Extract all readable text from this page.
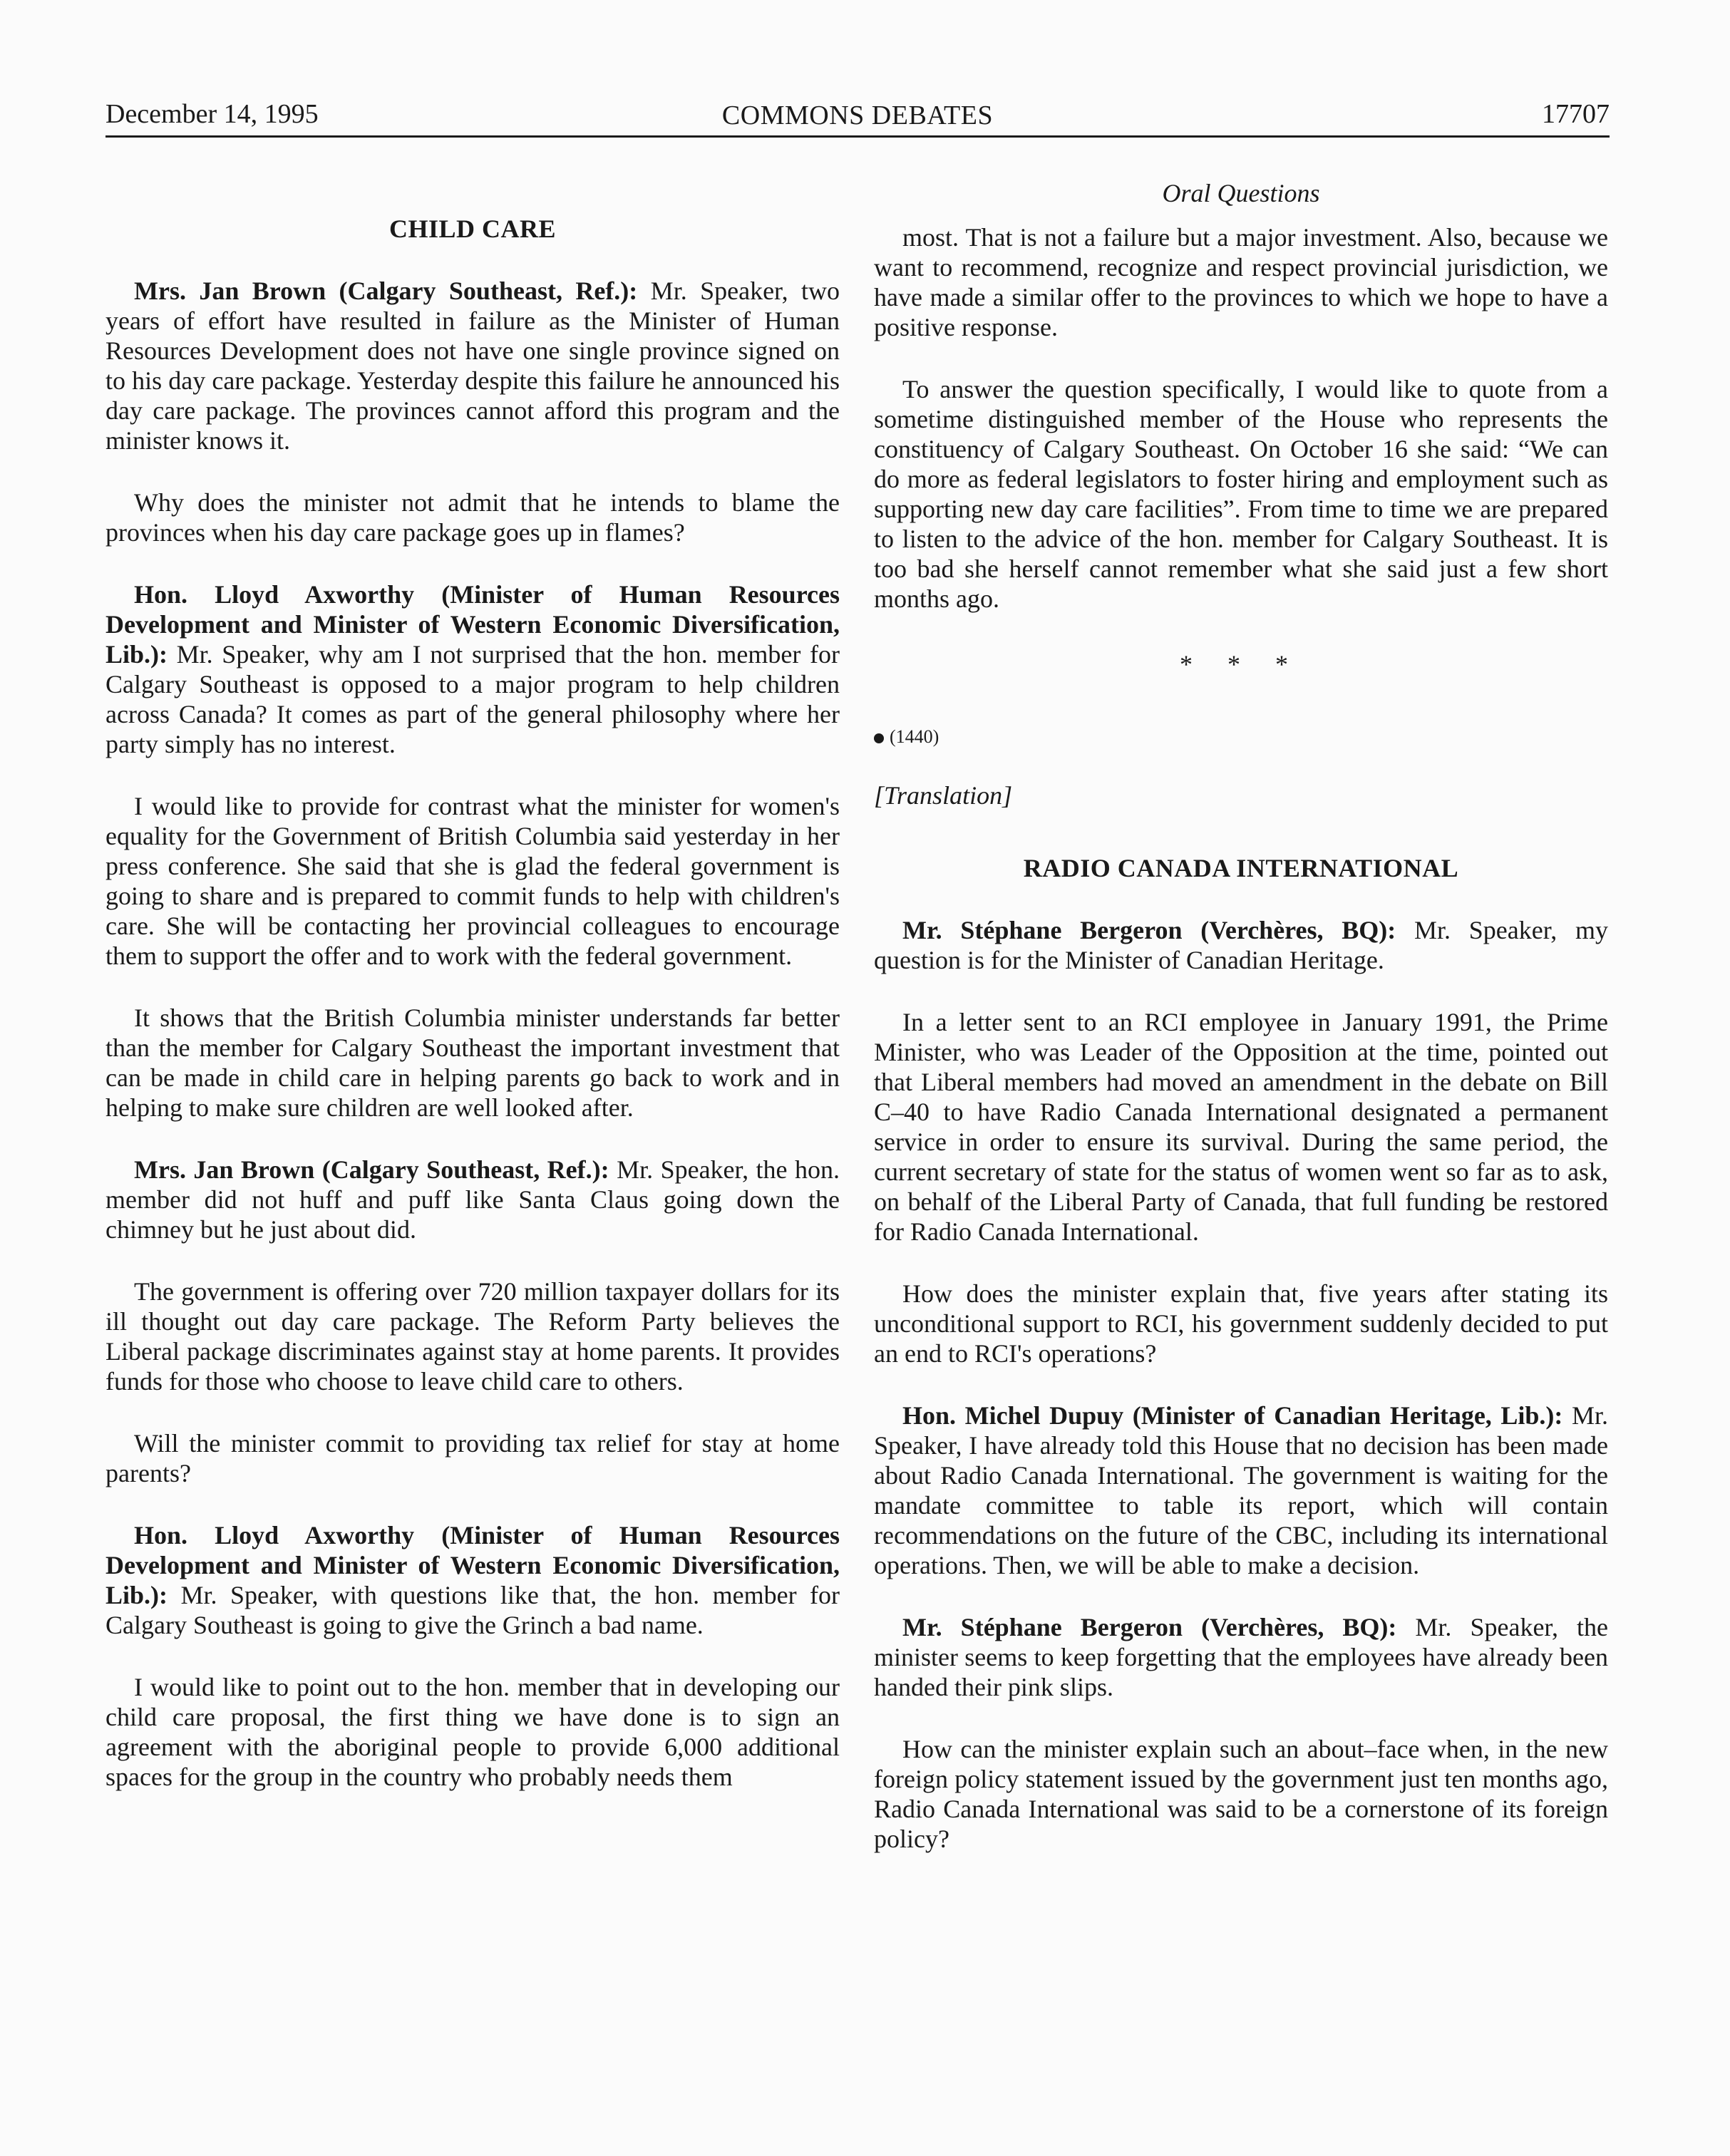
December 14, 1995	COMMONS DEBATES	17707
CHILD CARE

Mrs. Jan Brown (Calgary Southeast, Ref.): Mr. Speaker, two years of effort have resulted in failure as the Minister of Human Resources Development does not have one single province signed on to his day care package. Yesterday despite this failure he announced his day care package. The provinces cannot afford this program and the minister knows it.

Why does the minister not admit that he intends to blame the provinces when his day care package goes up in flames?

Hon. Lloyd Axworthy (Minister of Human Resources Development and Minister of Western Economic Diversification, Lib.): Mr. Speaker, why am I not surprised that the hon. member for Calgary Southeast is opposed to a major program to help children across Canada? It comes as part of the general philosophy where her party simply has no interest.

I would like to provide for contrast what the minister for women's equality for the Government of British Columbia said yesterday in her press conference. She said that she is glad the federal government is going to share and is prepared to commit funds to help with children's care. She will be contacting her provincial colleagues to encourage them to support the offer and to work with the federal government.

It shows that the British Columbia minister understands far better than the member for Calgary Southeast the important investment that can be made in child care in helping parents go back to work and in helping to make sure children are well looked after.

Mrs. Jan Brown (Calgary Southeast, Ref.): Mr. Speaker, the hon. member did not huff and puff like Santa Claus going down the chimney but he just about did.

The government is offering over 720 million taxpayer dollars for its ill thought out day care package. The Reform Party believes the Liberal package discriminates against stay at home parents. It provides funds for those who choose to leave child care to others.

Will the minister commit to providing tax relief for stay at home parents?

Hon. Lloyd Axworthy (Minister of Human Resources Development and Minister of Western Economic Diversification, Lib.): Mr. Speaker, with questions like that, the hon. member for Calgary Southeast is going to give the Grinch a bad name.

I would like to point out to the hon. member that in developing our child care proposal, the first thing we have done is to sign an agreement with the aboriginal people to provide 6,000 additional spaces for the group in the country who probably needs them

Oral Questions

most. That is not a failure but a major investment. Also, because we want to recommend, recognize and respect provincial jurisdiction, we have made a similar offer to the provinces to which we hope to have a positive response.

To answer the question specifically, I would like to quote from a sometime distinguished member of the House who represents the constituency of Calgary Southeast. On October 16 she said: “We can do more as federal legislators to foster hiring and employment such as supporting new day care facilities”. From time to time we are prepared to listen to the advice of the hon. member for Calgary Southeast. It is too bad she herself cannot remember what she said just a few short months ago.

* * *

(1440)

[Translation]

RADIO CANADA INTERNATIONAL

Mr. Stéphane Bergeron (Verchères, BQ): Mr. Speaker, my question is for the Minister of Canadian Heritage.

In a letter sent to an RCI employee in January 1991, the Prime Minister, who was Leader of the Opposition at the time, pointed out that Liberal members had moved an amendment in the debate on Bill C–40 to have Radio Canada International designated a permanent service in order to ensure its survival. During the same period, the current secretary of state for the status of women went so far as to ask, on behalf of the Liberal Party of Canada, that full funding be restored for Radio Canada International.

How does the minister explain that, five years after stating its unconditional support to RCI, his government suddenly decided to put an end to RCI's operations?

Hon. Michel Dupuy (Minister of Canadian Heritage, Lib.): Mr. Speaker, I have already told this House that no decision has been made about Radio Canada International. The government is waiting for the mandate committee to table its report, which will contain recommendations on the future of the CBC, including its international operations. Then, we will be able to make a decision.

Mr. Stéphane Bergeron (Verchères, BQ): Mr. Speaker, the minister seems to keep forgetting that the employees have already been handed their pink slips.

How can the minister explain such an about–face when, in the new foreign policy statement issued by the government just ten months ago, Radio Canada International was said to be a cornerstone of its foreign policy?
